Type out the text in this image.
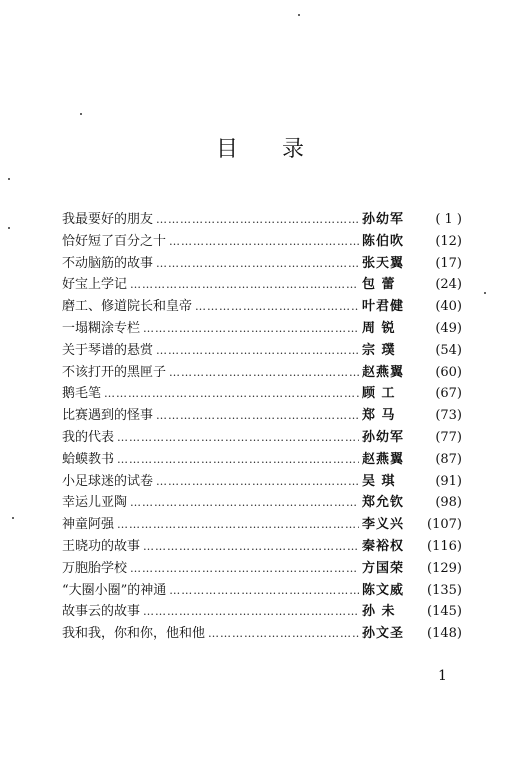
目 录
我最要好的朋友 …………………………………………………………………………………………	孙幼军	( 1 )
恰好短了百分之十 …………………………………………………………………………………………	陈伯吹	(12)
不动脑筋的故事 …………………………………………………………………………………………	张天翼	(17)
好宝上学记 …………………………………………………………………………………………	包 蕾	(24)
磨工、修道院长和皇帝 …………………………………………………………………………………………	叶君健	(40)
一塌糊涂专栏 …………………………………………………………………………………………	周 锐	(49)
关于琴谱的悬赏 …………………………………………………………………………………………	宗 璞	(54)
不该打开的黑匣子 …………………………………………………………………………………………	赵燕翼	(60)
鹅毛笔 …………………………………………………………………………………………	顾 工	(67)
比赛遇到的怪事 …………………………………………………………………………………………	郑 马	(73)
我的代表 …………………………………………………………………………………………	孙幼军	(77)
蛤蟆教书 …………………………………………………………………………………………	赵燕翼	(87)
小足球迷的试卷 …………………………………………………………………………………………	吴 琪	(91)
幸运儿亚陶 …………………………………………………………………………………………	郑允钦	(98)
神童阿强 …………………………………………………………………………………………	李义兴	(107)
王晓功的故事 …………………………………………………………………………………………	秦裕权	(116)
万胞胎学校 …………………………………………………………………………………………	方国荣	(129)
“大圈小圈”的神通 …………………………………………………………………………………………	陈文威	(135)
故事云的故事 …………………………………………………………………………………………	孙 未	(145)
我和我，你和你，他和他 …………………………………………………………………………………………	孙文圣	(148)
1
